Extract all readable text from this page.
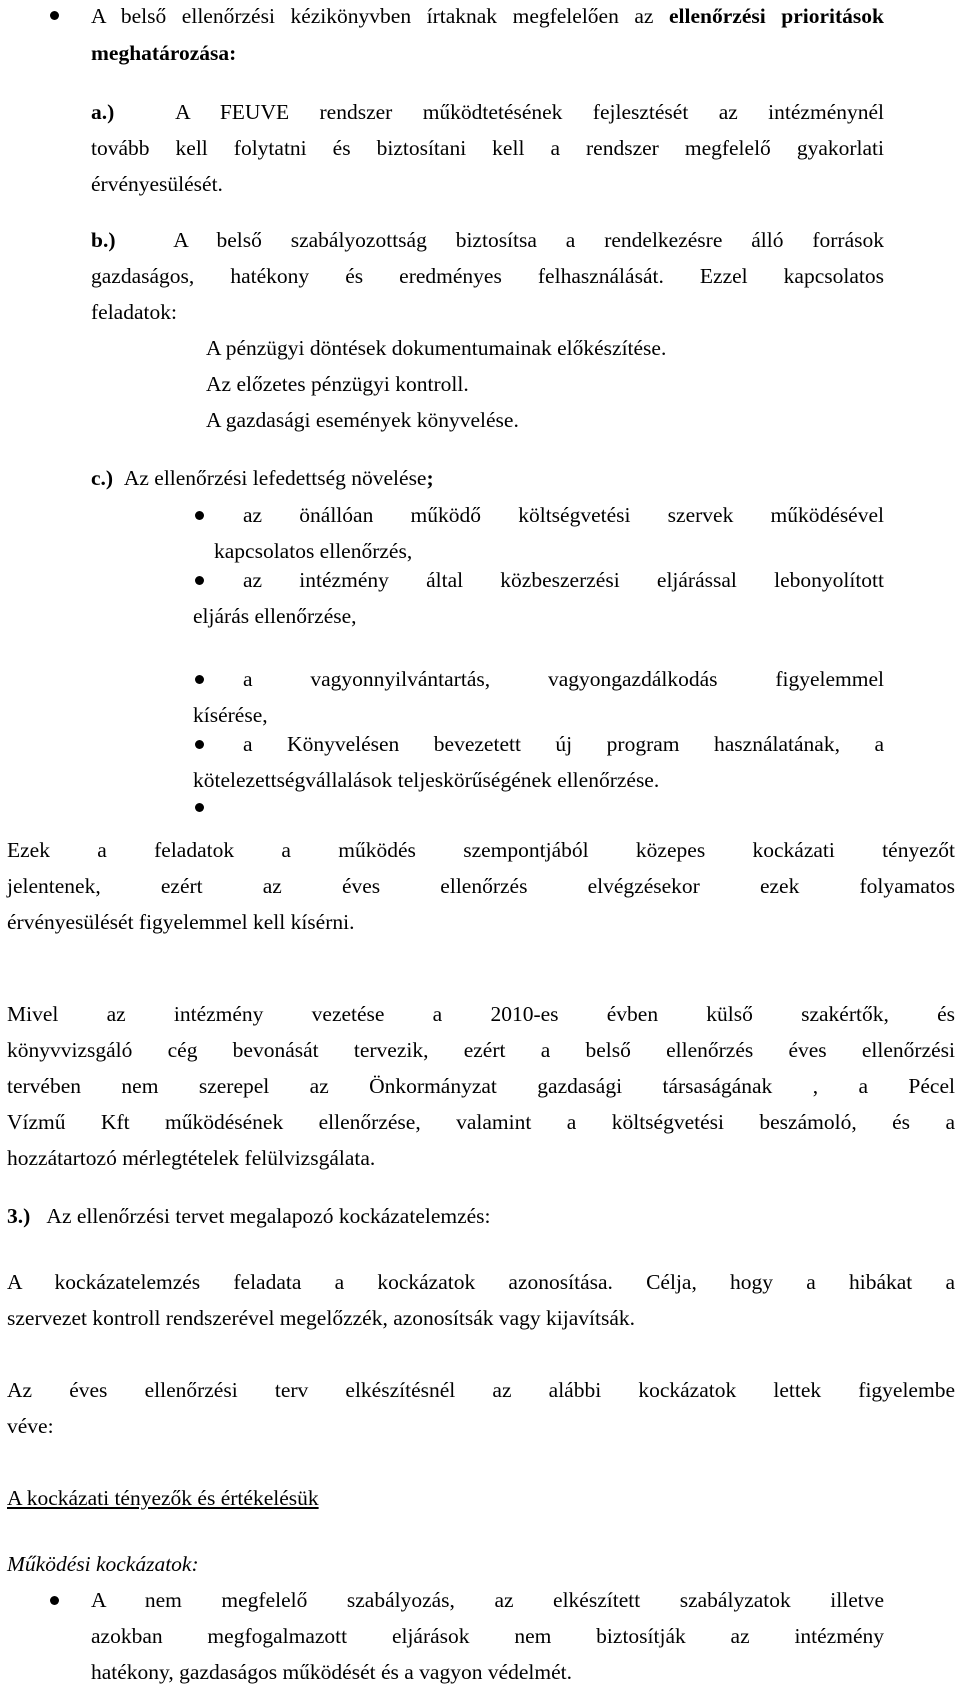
A belső ellenőrzési kézikönyvben írtaknak megfelelően az ellenőrzési prioritások meghatározása:

a.)	A FEUVE rendszer működtetésének fejlesztését az intézménynél

tovább kell folytatni és biztosítani kell a rendszer megfelelő gyakorlati

érvényesülését.

b.)	A belső szabályozottság biztosítsa a rendelkezésre álló források

gazdaságos, hatékony és eredményes felhasználását. Ezzel kapcsolatos

feladatok:

A pénzügyi döntések dokumentumainak előkészítése.

Az előzetes pénzügyi kontroll.

A gazdasági események könyvelése.

c.) Az ellenőrzési lefedettség növelése;

az önállóan működő költségvetési szervek működésével

kapcsolatos ellenőrzés,

az intézmény által közbeszerzési eljárással lebonyolított

eljárás ellenőrzése,

a vagyonnyilvántartás, vagyongazdálkodás figyelemmel

kísérése,

a Könyvelésen bevezetett új program használatának, a

kötelezettségvállalások teljeskörűségének ellenőrzése.

Ezek a feladatok a működés szempontjából közepes kockázati tényezőt

jelentenek, ezért az éves ellenőrzés elvégzésekor ezek folyamatos

érvényesülését figyelemmel kell kísérni.

Mivel az intézmény vezetése a 2010-es évben külső szakértők, és

könyvvizsgáló cég bevonását tervezik, ezért a belső ellenőrzés éves ellenőrzési

tervében nem szerepel az Önkormányzat gazdasági társaságának , a Pécel

Vízmű Kft működésének ellenőrzése, valamint a költségvetési beszámoló, és a

hozzátartozó mérlegtételek felülvizsgálata.

3.) Az ellenőrzési tervet megalapozó kockázatelemzés:

A kockázatelemzés feladata a kockázatok azonosítása. Célja, hogy a hibákat a

szervezet kontroll rendszerével megelőzzék, azonosítsák vagy kijavítsák.

Az éves ellenőrzési terv elkészítésnél az alábbi kockázatok lettek figyelembe

véve:

A kockázati tényezők és értékelésük

Működési kockázatok:

A nem megfelelő szabályozás, az elkészített szabályzatok illetve

azokban megfogalmazott eljárások nem biztosítják az intézmény

hatékony, gazdaságos működését és a vagyon védelmét.
